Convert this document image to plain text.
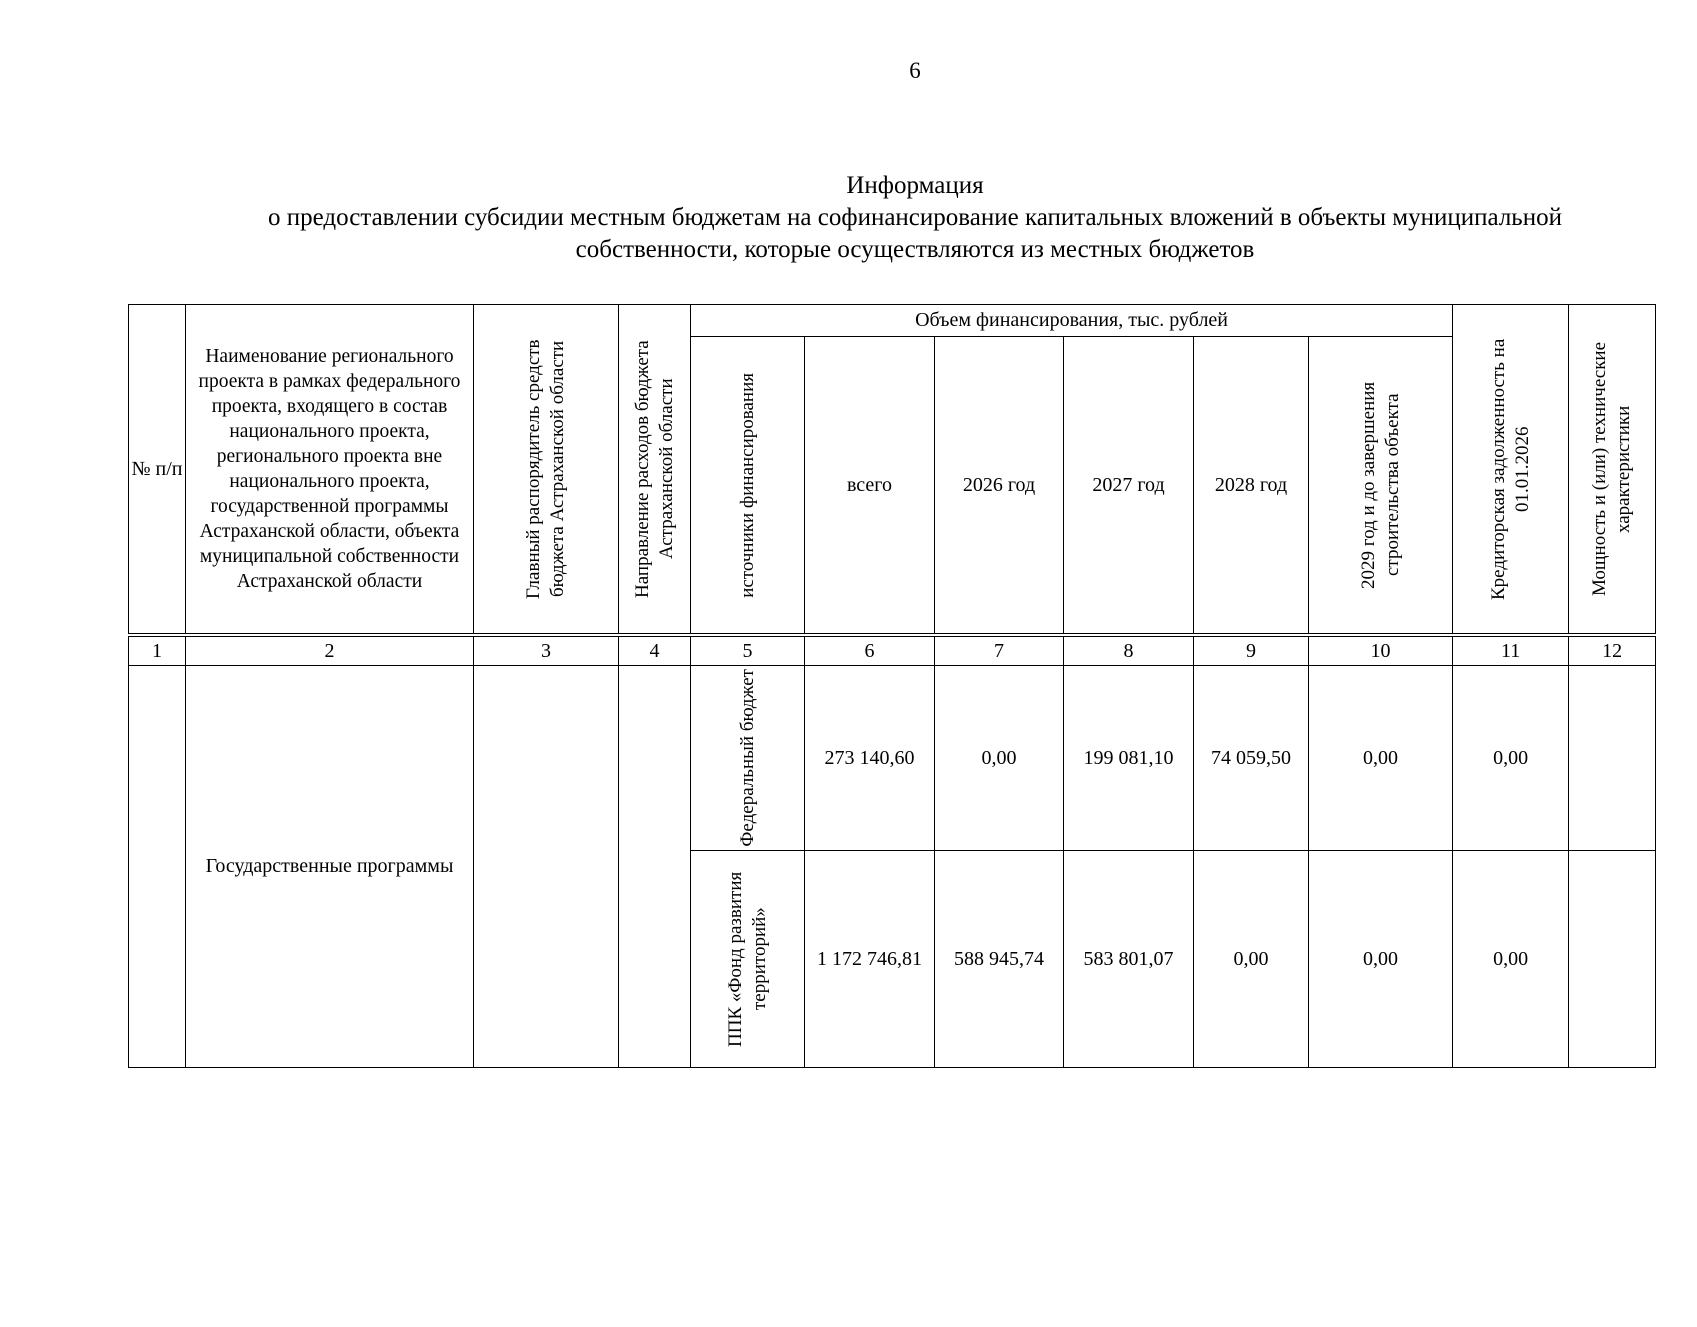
6
Информация
о предоставлении субсидии местным бюджетам на софинансирование капитальных вложений в объекты муниципальной
собственности, которые осуществляются из местных бюджетов
№ п/п	Наименование регионального проекта в рамках федерального проекта, входящего в состав национального проекта, регионального проекта вне национального проекта, государственной программы Астраханской области, объекта муниципальной собственности Астраханской области	Главный распорядитель средств бюджета Астраханской области	Направление расходов бюджета Астраханской области	Объем финансирования, тыс. рублей						Кредиторская задолженность на 01.01.2026	Мощность и (или) технические характеристики

				источники финансирования	всего	2026 год	2027 год	2028 год	2029 год и до завершения строительства объекта		

1	2	3	4	5	6	7	8	9	10	11	12
	Государственные программы			Федеральный бюджет	273 140,60	0,00	199 081,10	74 059,50	0,00	0,00	

				ППК «Фонд развития территорий»	1 172 746,81	588 945,74	583 801,07	0,00	0,00	0,00	
